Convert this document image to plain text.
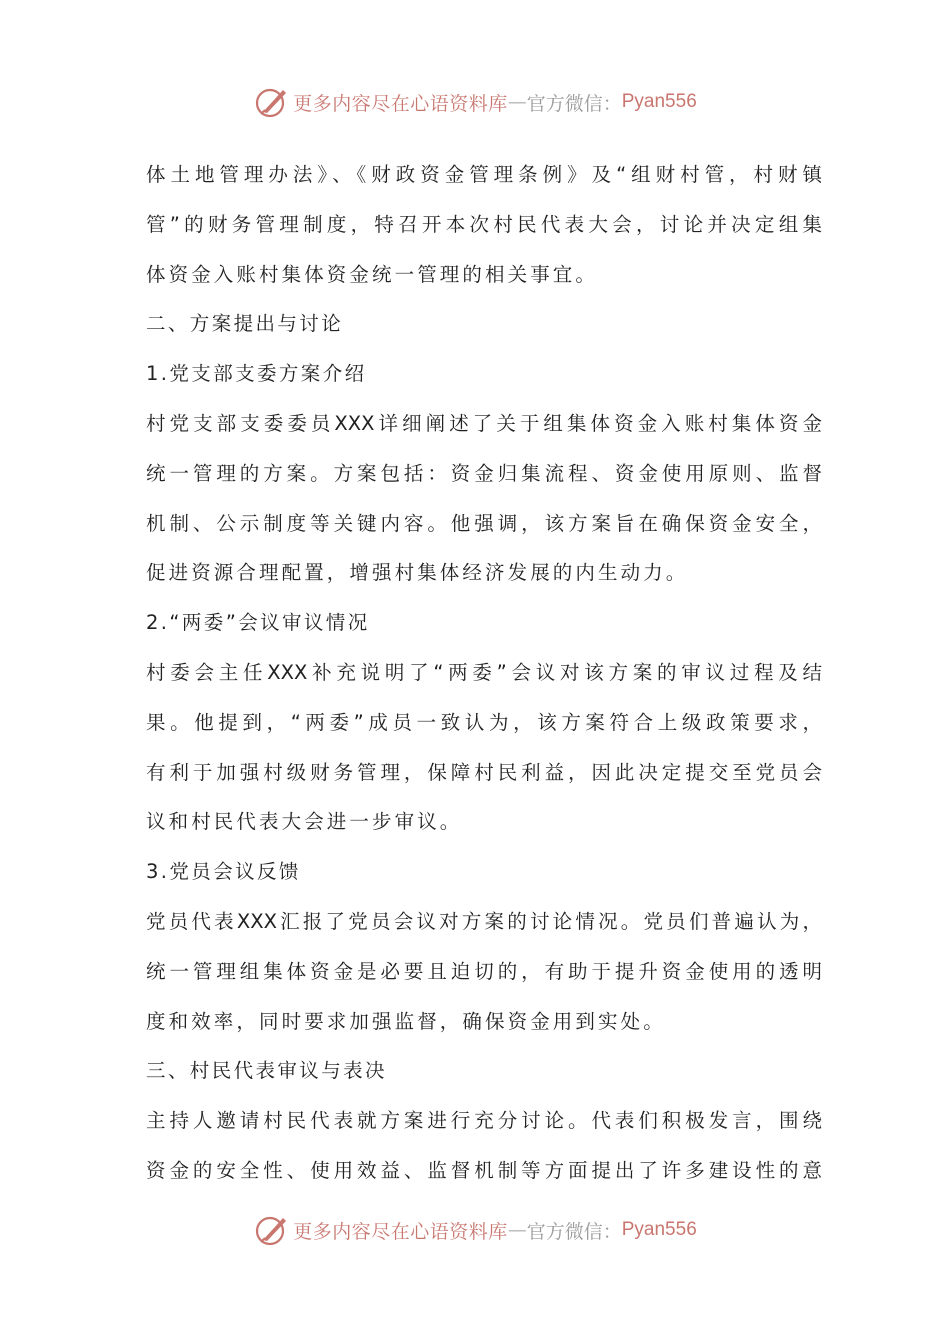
更多内容尽在心语资料库 — 官方微信： Pyan556
体土地管理办法》、《财政资金管理条例》及“组财村管，村财镇
管”的财务管理制度，特召开本次村民代表大会，讨论并决定组集
体资金入账村集体资金统一管理的相关事宜。
二、方案提出与讨论
1.党支部支委方案介绍
村党支部支委委员XXX详细阐述了关于组集体资金入账村集体资金
统一管理的方案。方案包括：资金归集流程、资金使用原则、监督
机制、公示制度等关键内容。他强调，该方案旨在确保资金安全，
促进资源合理配置，增强村集体经济发展的内生动力。
2.“两委”会议审议情况
村委会主任XXX补充说明了“两委”会议对该方案的审议过程及结
果。他提到，“两委”成员一致认为，该方案符合上级政策要求，
有利于加强村级财务管理，保障村民利益，因此决定提交至党员会
议和村民代表大会进一步审议。
3.党员会议反馈
党员代表XXX汇报了党员会议对方案的讨论情况。党员们普遍认为，
统一管理组集体资金是必要且迫切的，有助于提升资金使用的透明
度和效率，同时要求加强监督，确保资金用到实处。
三、村民代表审议与表决
主持人邀请村民代表就方案进行充分讨论。代表们积极发言，围绕
资金的安全性、使用效益、监督机制等方面提出了许多建设性的意
更多内容尽在心语资料库 — 官方微信： Pyan556
